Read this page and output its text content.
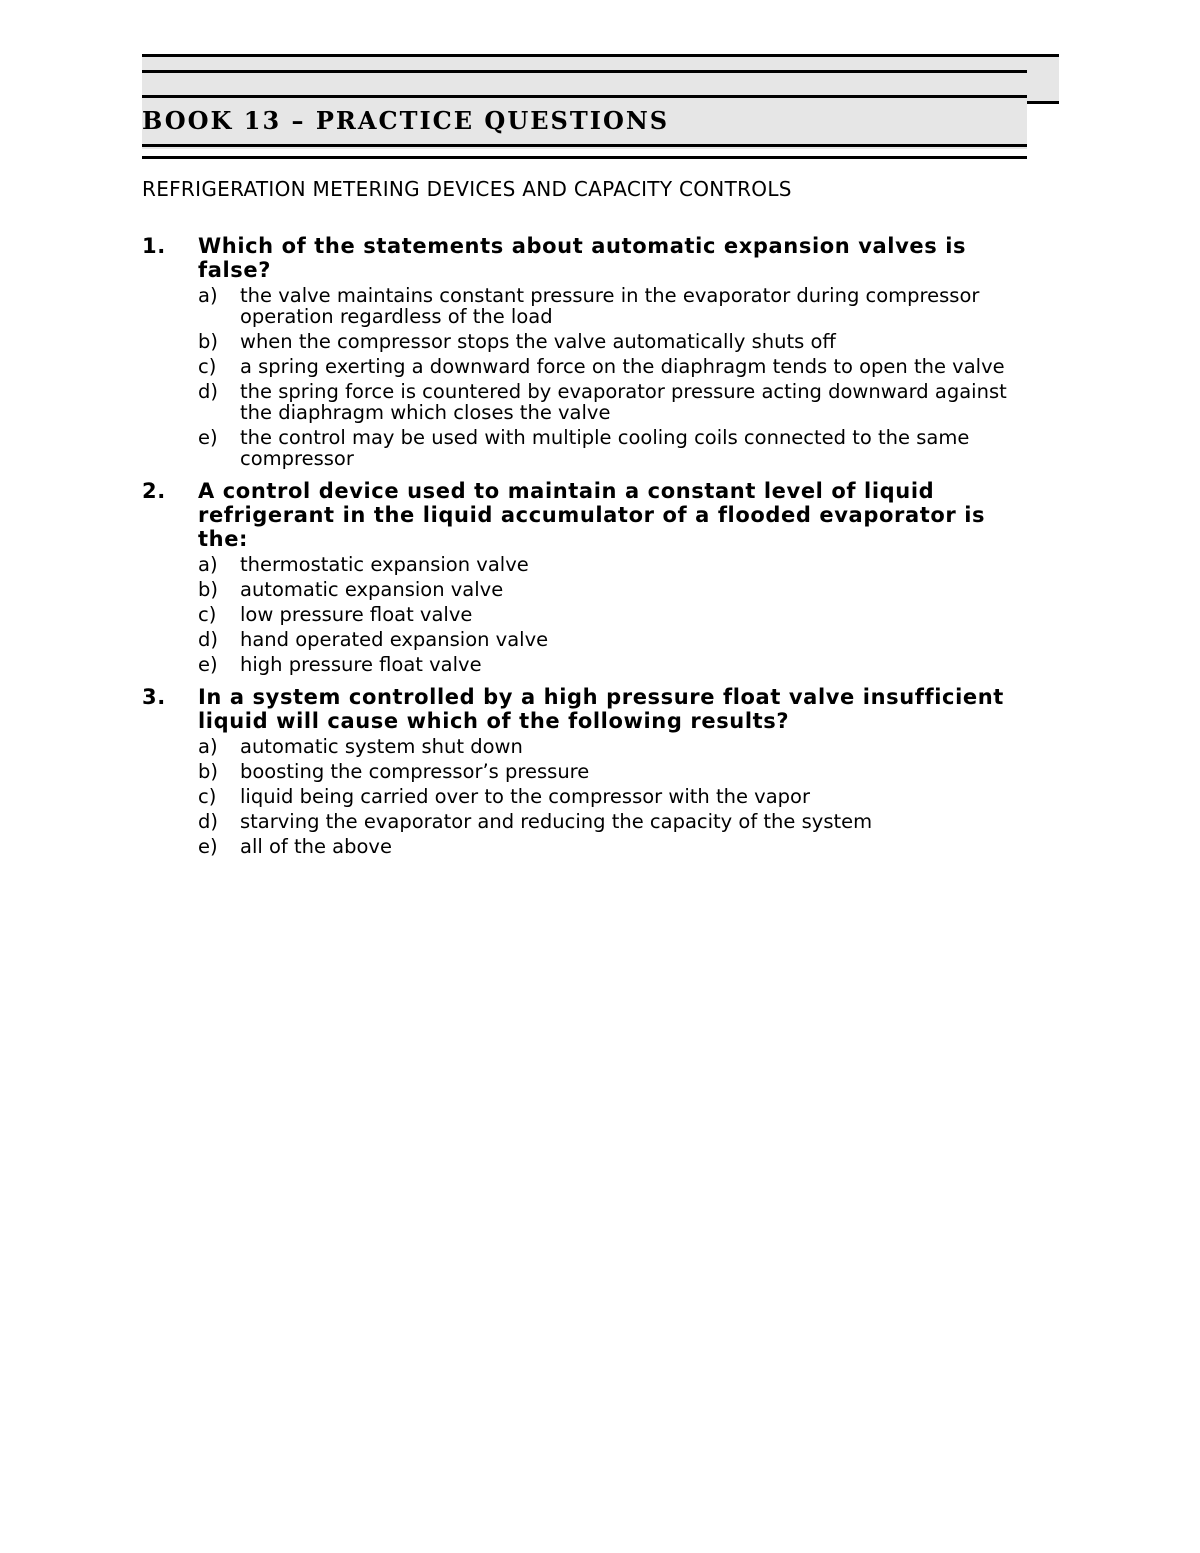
BOOK 13 – PRACTICE QUESTIONS
REFRIGERATION METERING DEVICES AND CAPACITY CONTROLS
1. Which of the statements about automatic expansion valves is false?
a) the valve maintains constant pressure in the evaporator during compressor operation regardless of the load
b) when the compressor stops the valve automatically shuts off
c) a spring exerting a downward force on the diaphragm tends to open the valve
d) the spring force is countered by evaporator pressure acting downward against the diaphragm which closes the valve
e) the control may be used with multiple cooling coils connected to the same compressor
2. A control device used to maintain a constant level of liquid refrigerant in the liquid accumulator of a flooded evaporator is the:
a) thermostatic expansion valve
b) automatic expansion valve
c) low pressure float valve
d) hand operated expansion valve
e) high pressure float valve
3. In a system controlled by a high pressure float valve insufficient liquid will cause which of the following results?
a) automatic system shut down
b) boosting the compressor’s pressure
c) liquid being carried over to the compressor with the vapor
d) starving the evaporator and reducing the capacity of the system
e) all of the above
